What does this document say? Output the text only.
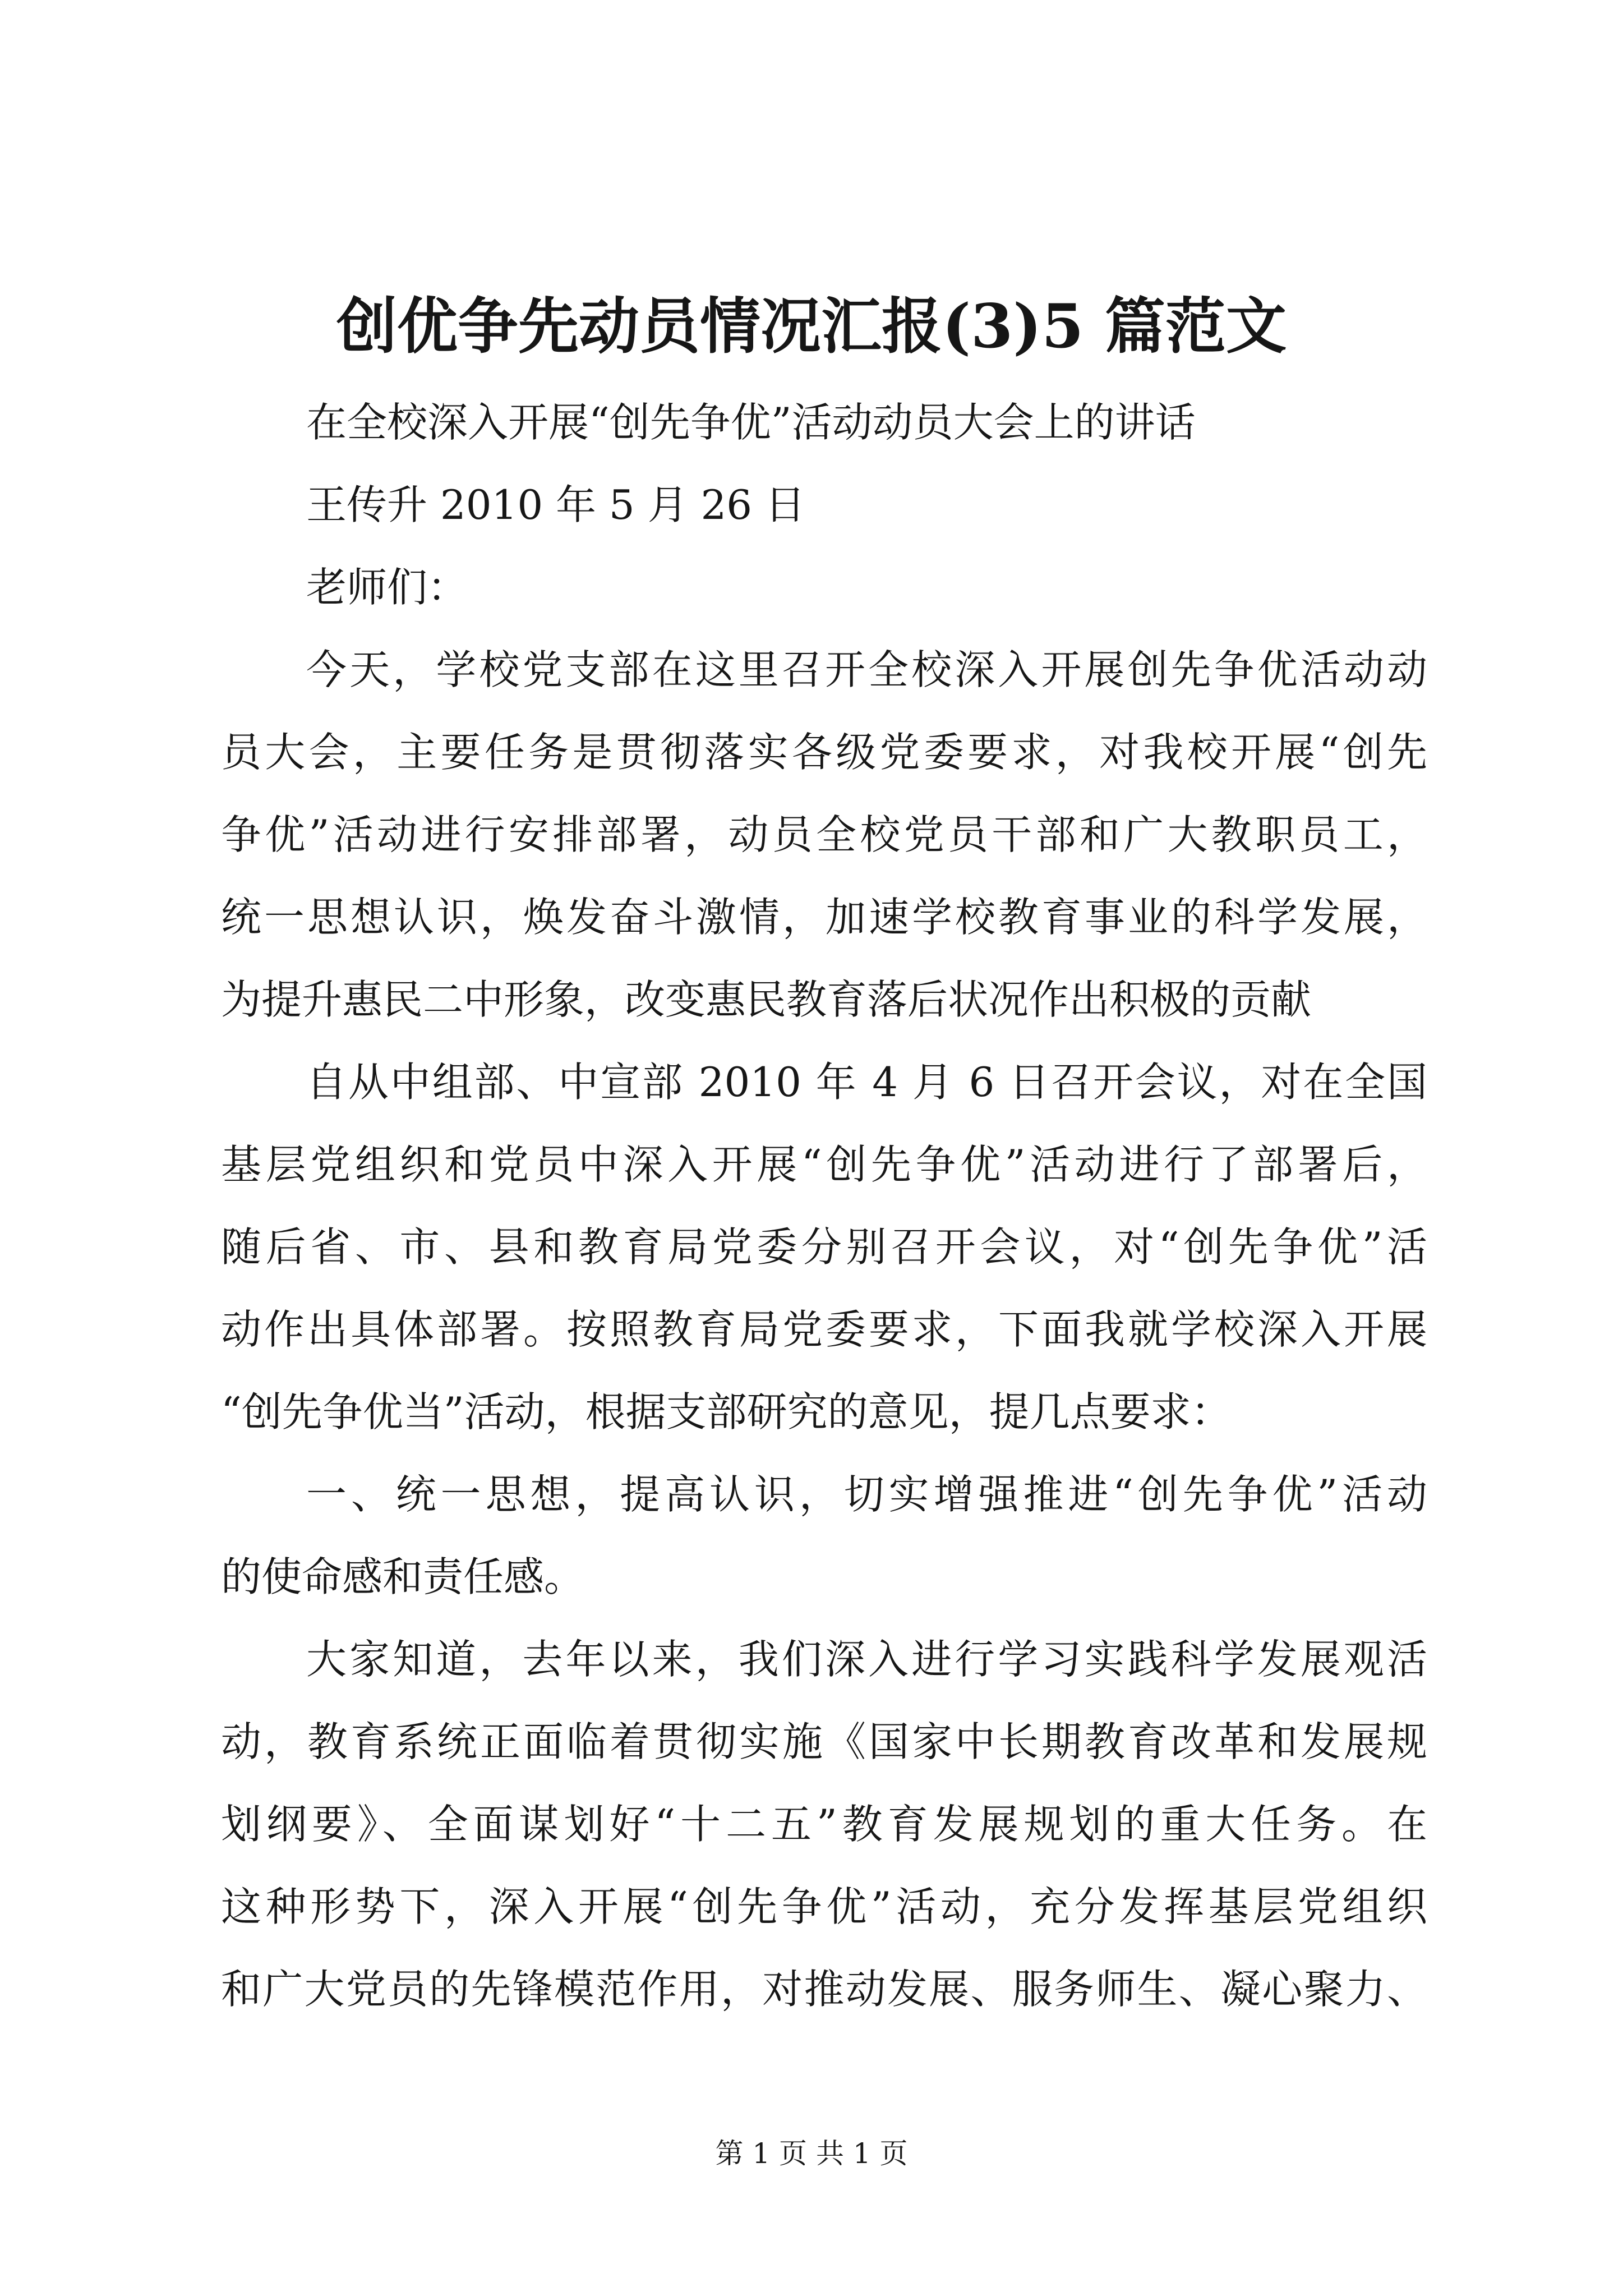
创优争先动员情况汇报(3)5 篇范文
在全校深入开展“创先争优”活动动员大会上的讲话
王传升 2010 年 5 月 26 日
老师们：
今天，学校党支部在这里召开全校深入开展创先争优活动动
员大会，主要任务是贯彻落实各级党委要求，对我校开展“创先
争优”活动进行安排部署，动员全校党员干部和广大教职员工，
统一思想认识，焕发奋斗激情，加速学校教育事业的科学发展，
为提升惠民二中形象，改变惠民教育落后状况作出积极的贡献
自从中组部、中宣部 2010 年 4 月 6 日召开会议，对在全国
基层党组织和党员中深入开展“创先争优”活动进行了部署后，
随后省、市、县和教育局党委分别召开会议，对“创先争优”活
动作出具体部署。按照教育局党委要求，下面我就学校深入开展
“创先争优当”活动，根据支部研究的意见，提几点要求：
一、统一思想，提高认识，切实增强推进“创先争优”活动
的使命感和责任感。
大家知道，去年以来，我们深入进行学习实践科学发展观活
动，教育系统正面临着贯彻实施《国家中长期教育改革和发展规
划纲要》、全面谋划好“十二五”教育发展规划的重大任务。在
这种形势下，深入开展“创先争优”活动，充分发挥基层党组织
和广大党员的先锋模范作用，对推动发展、服务师生、凝心聚力、
第 1 页 共 1 页
